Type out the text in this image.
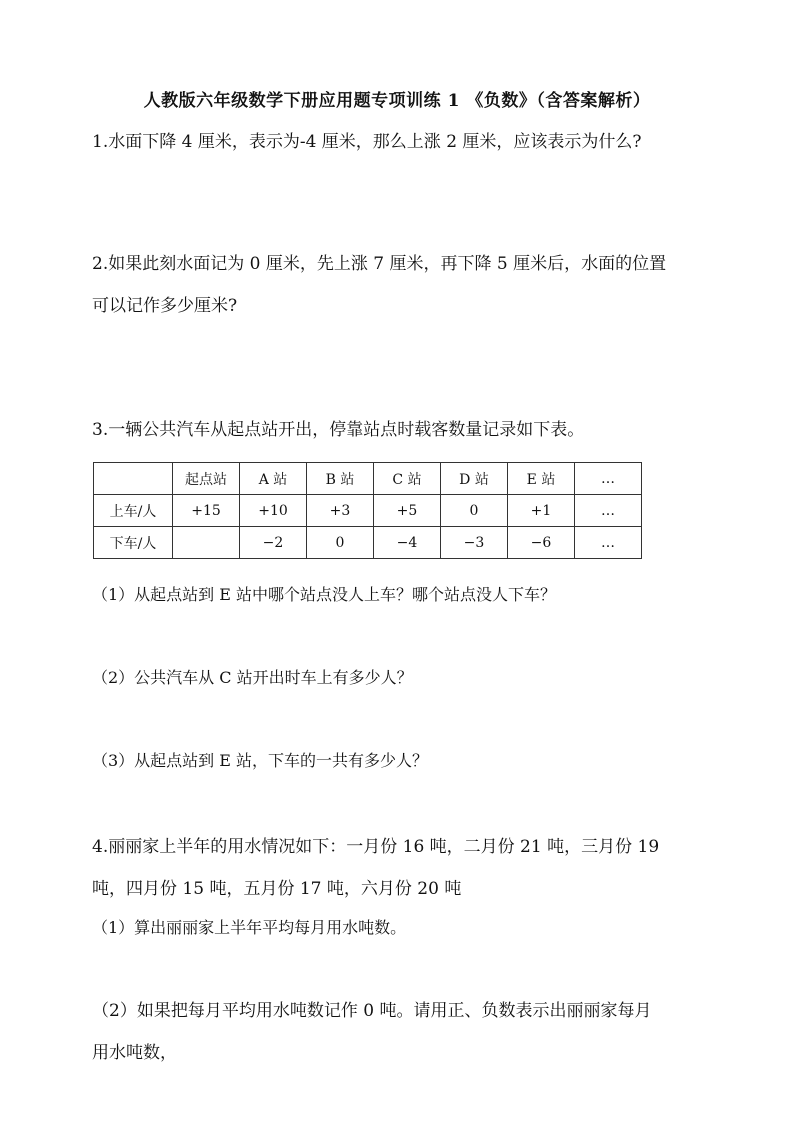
人教版六年级数学下册应用题专项训练 1 《负数》（含答案解析）
1.水面下降 4 厘米，表示为-4 厘米，那么上涨 2 厘米，应该表示为什么?
2.如果此刻水面记为 0 厘米，先上涨 7 厘米，再下降 5 厘米后，水面的位置
可以记作多少厘米?
3.一辆公共汽车从起点站开出，停靠站点时载客数量记录如下表。
	起点站	A 站	B 站	C 站	D 站	E 站	…
上车/人	+15	+10	+3	+5	0	+1	…
下车/人		−2	0	−4	−3	−6	…
（1）从起点站到 E 站中哪个站点没人上车？哪个站点没人下车？
（2）公共汽车从 C 站开出时车上有多少人？
（3）从起点站到 E 站，下车的一共有多少人？
4.丽丽家上半年的用水情况如下：一月份 16 吨，二月份 21 吨，三月份 19
吨，四月份 15 吨，五月份 17 吨，六月份 20 吨
（1）算出丽丽家上半年平均每月用水吨数。
（2）如果把每月平均用水吨数记作 0 吨。请用正、负数表示出丽丽家每月
用水吨数，
